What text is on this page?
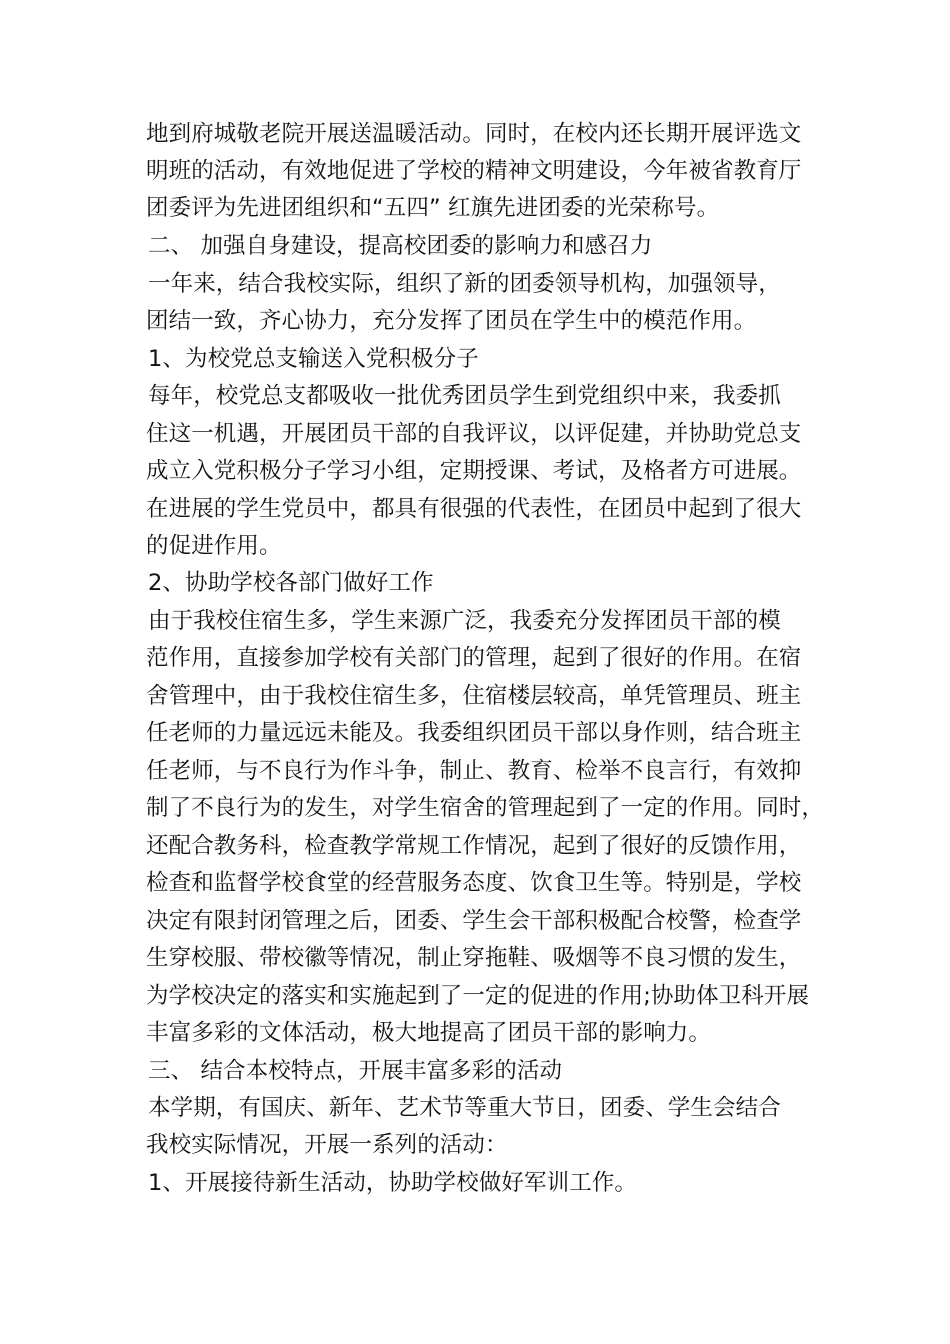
地到府城敬老院开展送温暖活动。同时，在校内还长期开展评选文
明班的活动，有效地促进了学校的精神文明建设，今年被省教育厅
团委评为先进团组织和“五四” 红旗先进团委的光荣称号。
二、 加强自身建设，提高校团委的影响力和感召力
一年来，结合我校实际，组织了新的团委领导机构，加强领导，
团结一致，齐心协力，充分发挥了团员在学生中的模范作用。
1、为校党总支输送入党积极分子
每年，校党总支都吸收一批优秀团员学生到党组织中来，我委抓
住这一机遇，开展团员干部的自我评议，以评促建，并协助党总支
成立入党积极分子学习小组，定期授课、考试，及格者方可进展。
在进展的学生党员中，都具有很强的代表性，在团员中起到了很大
的促进作用。
2、协助学校各部门做好工作
由于我校住宿生多，学生来源广泛，我委充分发挥团员干部的模
范作用，直接参加学校有关部门的管理，起到了很好的作用。在宿
舍管理中，由于我校住宿生多，住宿楼层较高，单凭管理员、班主
任老师的力量远远未能及。我委组织团员干部以身作则，结合班主
任老师，与不良行为作斗争，制止、教育、检举不良言行，有效抑
制了不良行为的发生，对学生宿舍的管理起到了一定的作用。同时，
还配合教务科，检查教学常规工作情况，起到了很好的反馈作用，
检查和监督学校食堂的经营服务态度、饮食卫生等。特别是，学校
决定有限封闭管理之后，团委、学生会干部积极配合校警，检查学
生穿校服、带校徽等情况，制止穿拖鞋、吸烟等不良习惯的发生，
为学校决定的落实和实施起到了一定的促进的作用;协助体卫科开展
丰富多彩的文体活动，极大地提高了团员干部的影响力。
三、 结合本校特点，开展丰富多彩的活动
本学期，有国庆、新年、艺术节等重大节日，团委、学生会结合
我校实际情况，开展一系列的活动：
1、开展接待新生活动，协助学校做好军训工作。
